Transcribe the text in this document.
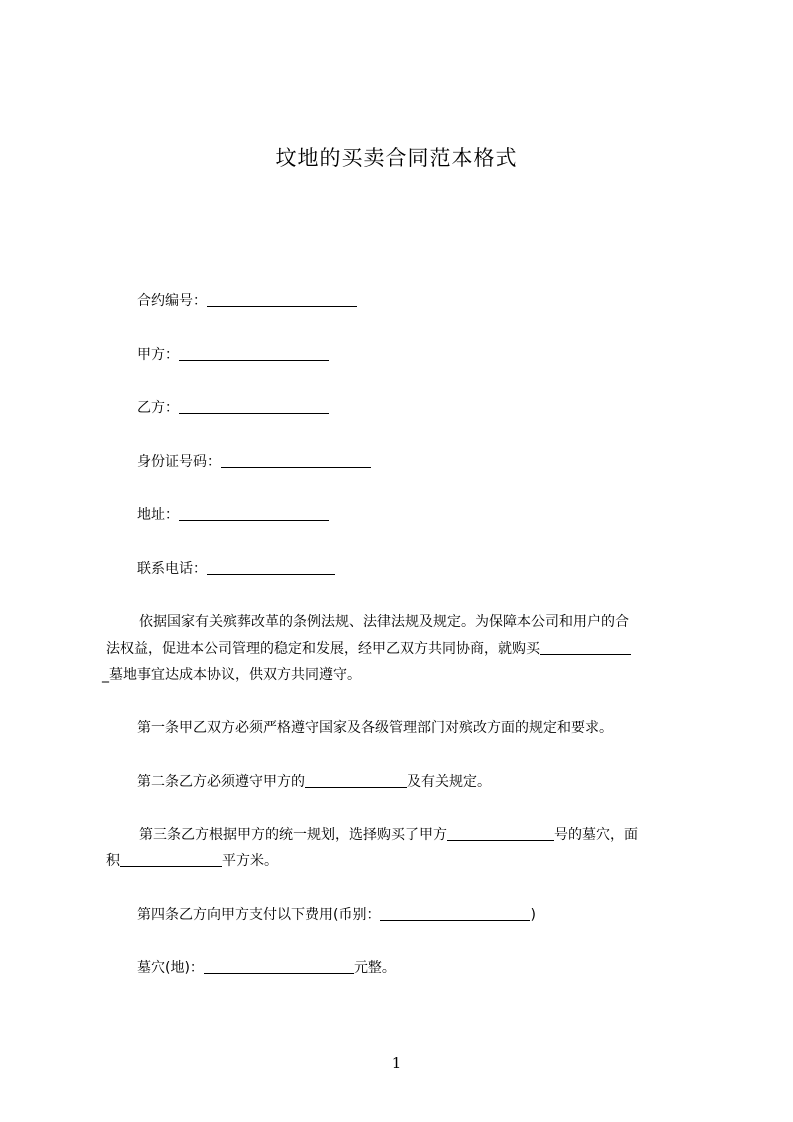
坟地的买卖合同范本格式
合约编号：
甲方：
乙方：
身份证号码：
地址：
联系电话：
依据国家有关殡葬改革的条例法规、法律法规及规定。为保障本公司和用户的合
法权益，促进本公司管理的稳定和发展，经甲乙双方共同协商，就购买
_墓地事宜达成本协议，供双方共同遵守。
第一条甲乙双方必须严格遵守国家及各级管理部门对殡改方面的规定和要求。
第二条乙方必须遵守甲方的	及有关规定。
第三条乙方根据甲方的统一规划，选择购买了甲方	号的墓穴，面
积	平方米。
第四条乙方向甲方支付以下费用(币别：	)
墓穴(地)：	元整。
1
